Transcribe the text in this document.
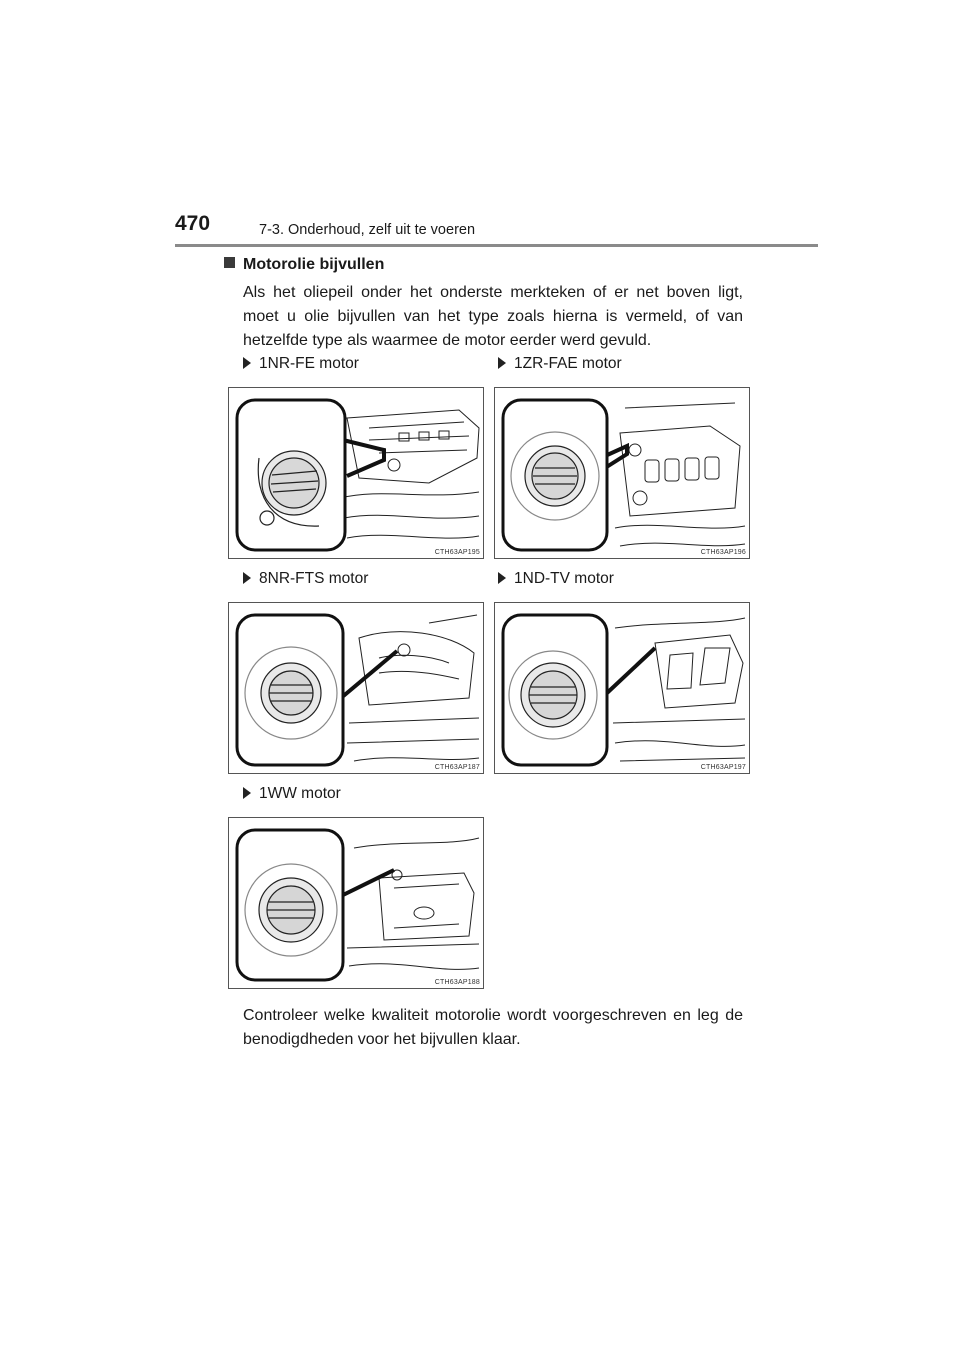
470	7-3. Onderhoud, zelf uit te voeren
Motorolie bijvullen
Als het oliepeil onder het onderste merkteken of er net boven ligt, moet u olie bijvullen van het type zoals hierna is vermeld, of van hetzelfde type als waarmee de motor eerder werd gevuld.
1NR-FE motor	1ZR-FAE motor
8NR-FTS motor	1ND-TV motor
1WW motor
CTH63AP195	CTH63AP196
CTH63AP187	CTH63AP197
CTH63AP188
Controleer welke kwaliteit motorolie wordt voorgeschreven en leg de benodigdheden voor het bijvullen klaar.
